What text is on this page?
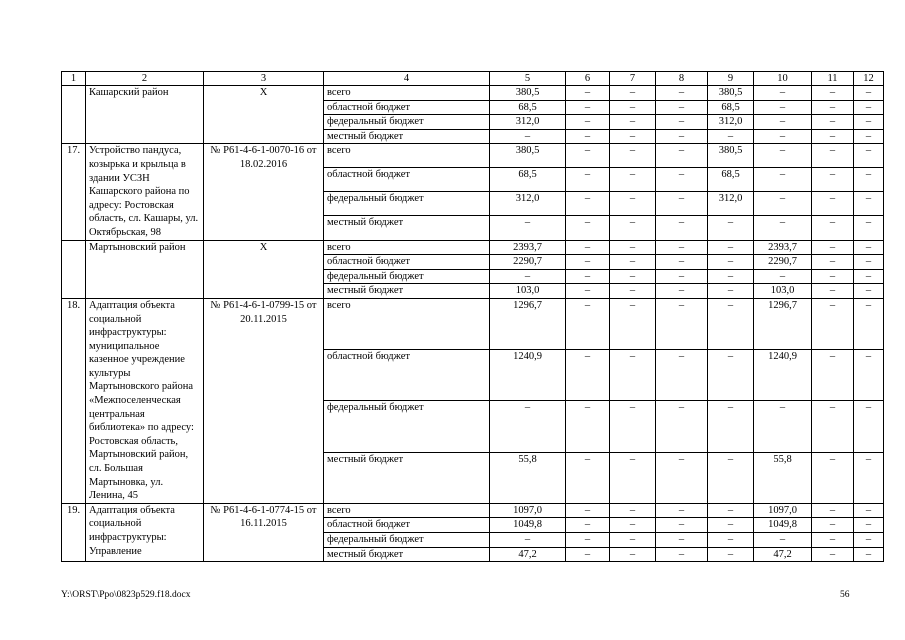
1	2	3	4	5	6	7	8	9	10	11	12
	Кашарский район	Х	всего	380,5	–	–	–	380,5	–	–	–
			областной бюджет	68,5	–	–	–	68,5	–	–	–
			федеральный бюджет	312,0	–	–	–	312,0	–	–	–
			местный бюджет	–	–	–	–	–	–	–	–
17.	Устройство пандуса, козырька и крыльца в здании УСЗН Кашарского района по адресу: Ростовская область, сл. Кашары, ул. Октябрьская, 98	№ Р61-4-6-1-0070-16 от 18.02.2016	всего	380,5	–	–	–	380,5	–	–	–
			областной бюджет	68,5	–	–	–	68,5	–	–	–
			федеральный бюджет	312,0	–	–	–	312,0	–	–	–
			местный бюджет	–	–	–	–	–	–	–	–
	Мартыновский район	Х	всего	2393,7	–	–	–	–	2393,7	–	–
			областной бюджет	2290,7	–	–	–	–	2290,7	–	–
			федеральный бюджет	–	–	–	–	–	–	–	–
			местный бюджет	103,0	–	–	–	–	103,0	–	–
18.	Адаптация объекта социальной инфраструктуры: муниципальное казенное учреждение культуры Мартыновского района «Межпоселенческая центральная библиотека» по адресу: Ростовская область, Мартыновский район, сл. Большая Мартыновка, ул. Ленина, 45	№ Р61-4-6-1-0799-15 от 20.11.2015	всего	1296,7	–	–	–	–	1296,7	–	–
			областной бюджет	1240,9	–	–	–	–	1240,9	–	–
			федеральный бюджет	–	–	–	–	–	–	–	–
			местный бюджет	55,8	–	–	–	–	55,8	–	–
19.	Адаптация объекта социальной инфраструктуры: Управление	№ Р61-4-6-1-0774-15 от 16.11.2015	всего	1097,0	–	–	–	–	1097,0	–	–
			областной бюджет	1049,8	–	–	–	–	1049,8	–	–
			федеральный бюджет	–	–	–	–	–	–	–	–
			местный бюджет	47,2	–	–	–	–	47,2	–	–
Y:\ORST\Ppo\0823p529.f18.docx	56
